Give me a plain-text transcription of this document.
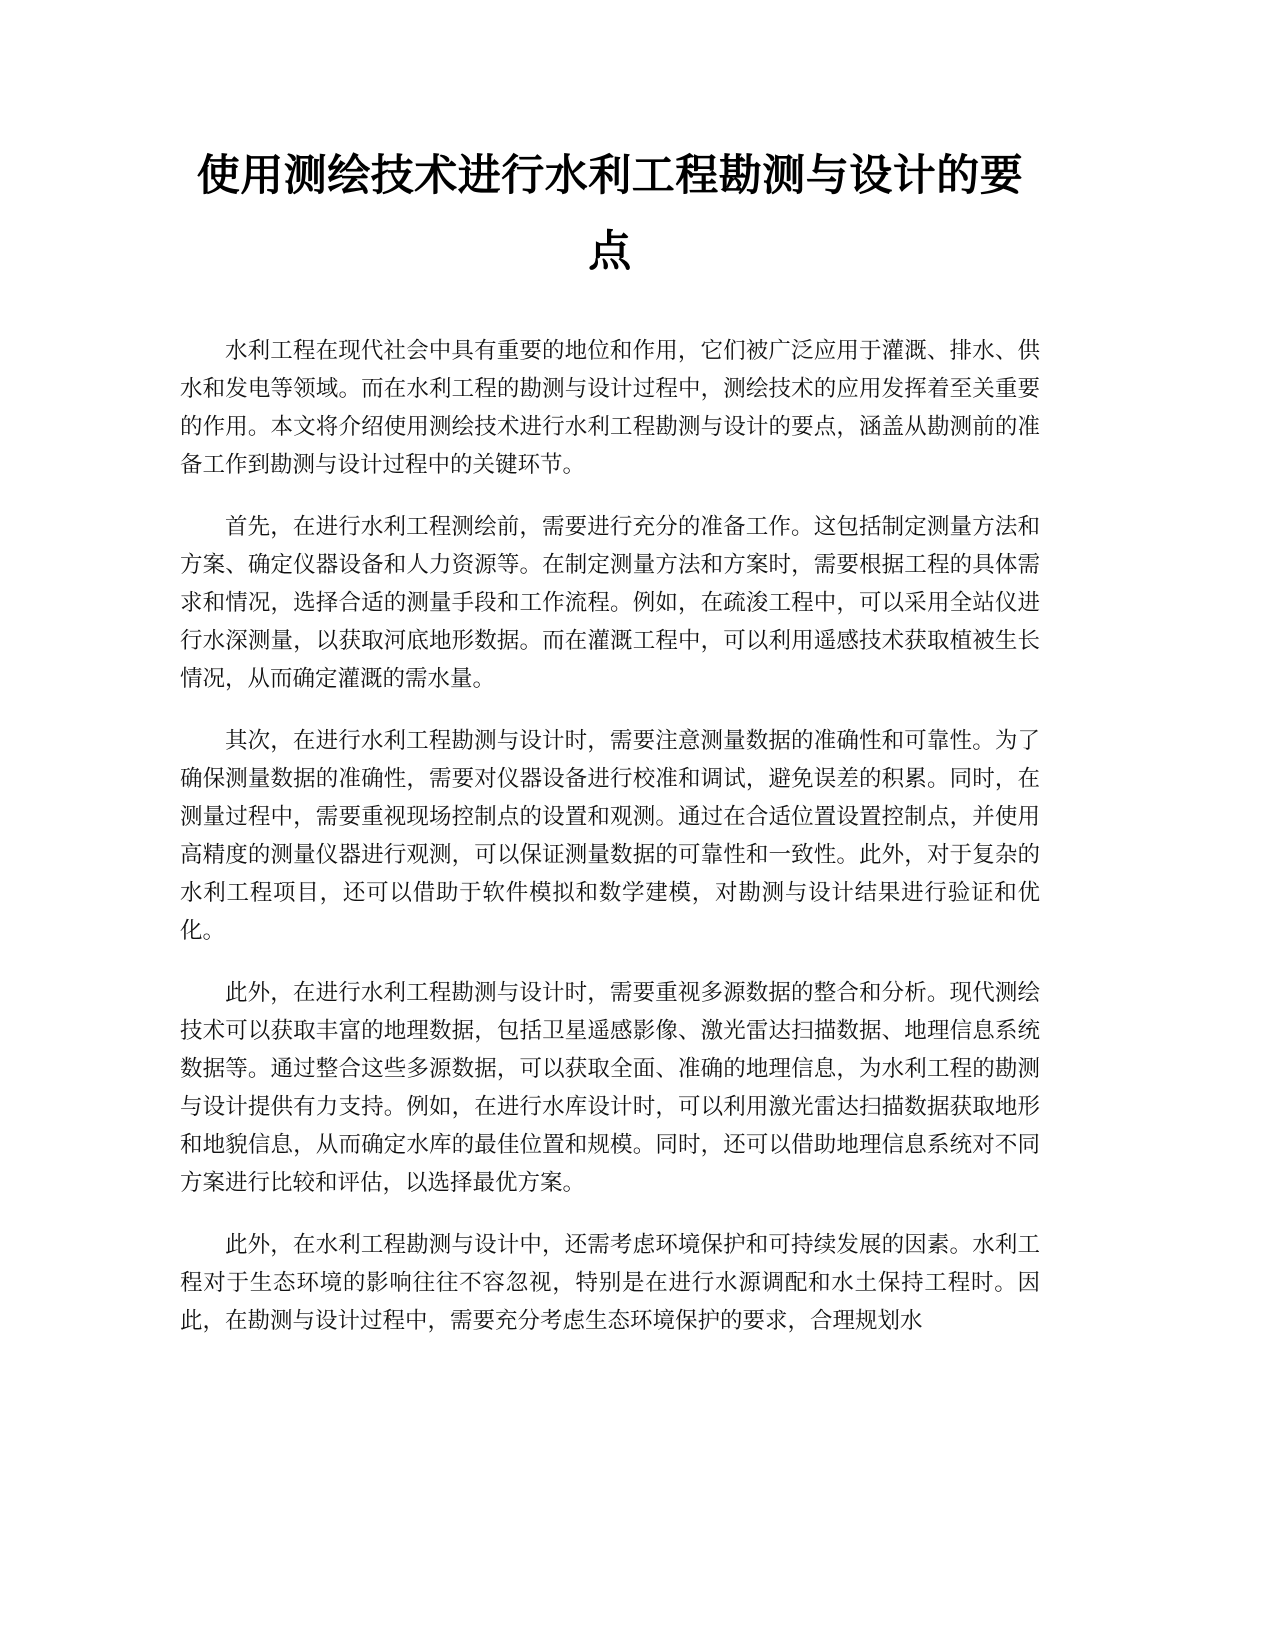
使用测绘技术进行水利工程勘测与设计的要点

水利工程在现代社会中具有重要的地位和作用，它们被广泛应用于灌溉、排水、供水和发电等领域。而在水利工程的勘测与设计过程中，测绘技术的应用发挥着至关重要的作用。本文将介绍使用测绘技术进行水利工程勘测与设计的要点，涵盖从勘测前的准备工作到勘测与设计过程中的关键环节。

首先，在进行水利工程测绘前，需要进行充分的准备工作。这包括制定测量方法和方案、确定仪器设备和人力资源等。在制定测量方法和方案时，需要根据工程的具体需求和情况，选择合适的测量手段和工作流程。例如，在疏浚工程中，可以采用全站仪进行水深测量，以获取河底地形数据。而在灌溉工程中，可以利用遥感技术获取植被生长情况，从而确定灌溉的需水量。

其次，在进行水利工程勘测与设计时，需要注意测量数据的准确性和可靠性。为了确保测量数据的准确性，需要对仪器设备进行校准和调试，避免误差的积累。同时，在测量过程中，需要重视现场控制点的设置和观测。通过在合适位置设置控制点，并使用高精度的测量仪器进行观测，可以保证测量数据的可靠性和一致性。此外，对于复杂的水利工程项目，还可以借助于软件模拟和数学建模，对勘测与设计结果进行验证和优化。

此外，在进行水利工程勘测与设计时，需要重视多源数据的整合和分析。现代测绘技术可以获取丰富的地理数据，包括卫星遥感影像、激光雷达扫描数据、地理信息系统数据等。通过整合这些多源数据，可以获取全面、准确的地理信息，为水利工程的勘测与设计提供有力支持。例如，在进行水库设计时，可以利用激光雷达扫描数据获取地形和地貌信息，从而确定水库的最佳位置和规模。同时，还可以借助地理信息系统对不同方案进行比较和评估，以选择最优方案。

此外，在水利工程勘测与设计中，还需考虑环境保护和可持续发展的因素。水利工程对于生态环境的影响往往不容忽视，特别是在进行水源调配和水土保持工程时。因此，在勘测与设计过程中，需要充分考虑生态环境保护的要求，合理规划水
